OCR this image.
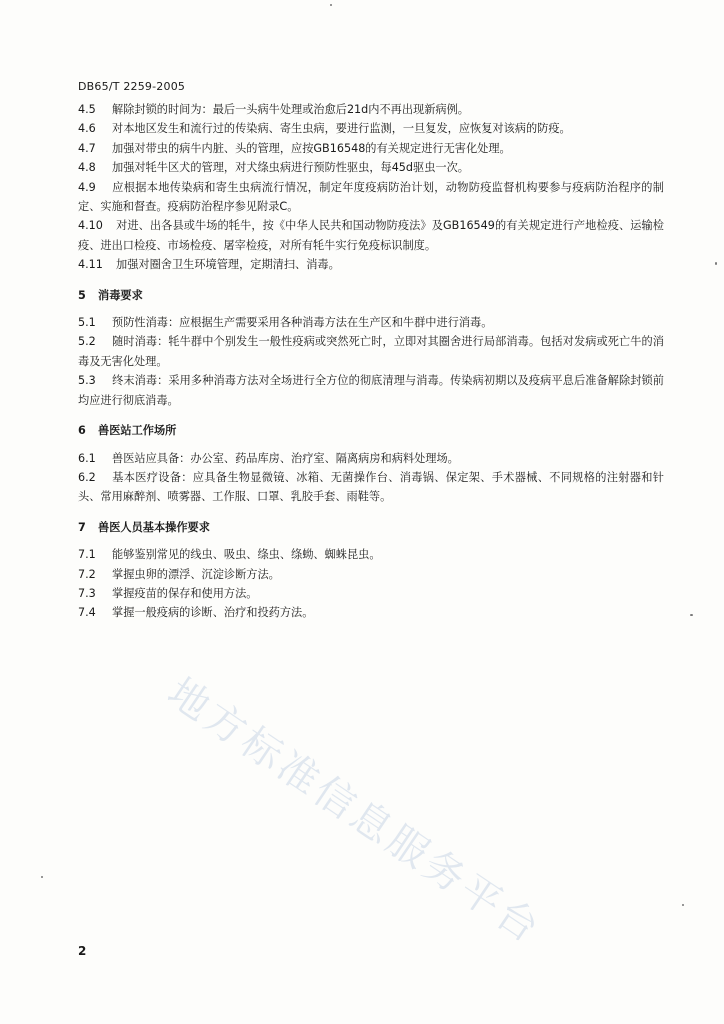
DB65/T 2259-2005

4.5 解除封锁的时间为：最后一头病牛处理或治愈后21d内不再出现新病例。

4.6 对本地区发生和流行过的传染病、寄生虫病，要进行监测，一旦复发，应恢复对该病的防疫。

4.7 加强对带虫的病牛内脏、头的管理，应按GB16548的有关规定进行无害化处理。

4.8 加强对牦牛区犬的管理，对犬绦虫病进行预防性驱虫，每45d驱虫一次。

4.9 应根据本地传染病和寄生虫病流行情况，制定年度疫病防治计划，动物防疫监督机构要参与疫病防治程序的制定、实施和督查。疫病防治程序参见附录C。

4.10 对进、出各县或牛场的牦牛，按《中华人民共和国动物防疫法》及GB16549的有关规定进行产地检疫、运输检疫、进出口检疫、市场检疫、屠宰检疫，对所有牦牛实行免疫标识制度。

4.11 加强对圈舍卫生环境管理，定期清扫、消毒。

5 消毒要求

5.1 预防性消毒：应根据生产需要采用各种消毒方法在生产区和牛群中进行消毒。

5.2 随时消毒：牦牛群中个别发生一般性疫病或突然死亡时，立即对其圈舍进行局部消毒。包括对发病或死亡牛的消毒及无害化处理。

5.3 终末消毒：采用多种消毒方法对全场进行全方位的彻底清理与消毒。传染病初期以及疫病平息后准备解除封锁前均应进行彻底消毒。

6 兽医站工作场所

6.1 兽医站应具备：办公室、药品库房、治疗室、隔离病房和病料处理场。

6.2 基本医疗设备：应具备生物显微镜、冰箱、无菌操作台、消毒锅、保定架、手术器械、不同规格的注射器和针头、常用麻醉剂、喷雾器、工作服、口罩、乳胶手套、雨鞋等。

7 兽医人员基本操作要求

7.1 能够鉴别常见的线虫、吸虫、绦虫、绦蚴、蜘蛛昆虫。

7.2 掌握虫卵的漂浮、沉淀诊断方法。

7.3 掌握疫苗的保存和使用方法。

7.4 掌握一般疫病的诊断、治疗和投药方法。

地方标准信息服务平台
2
